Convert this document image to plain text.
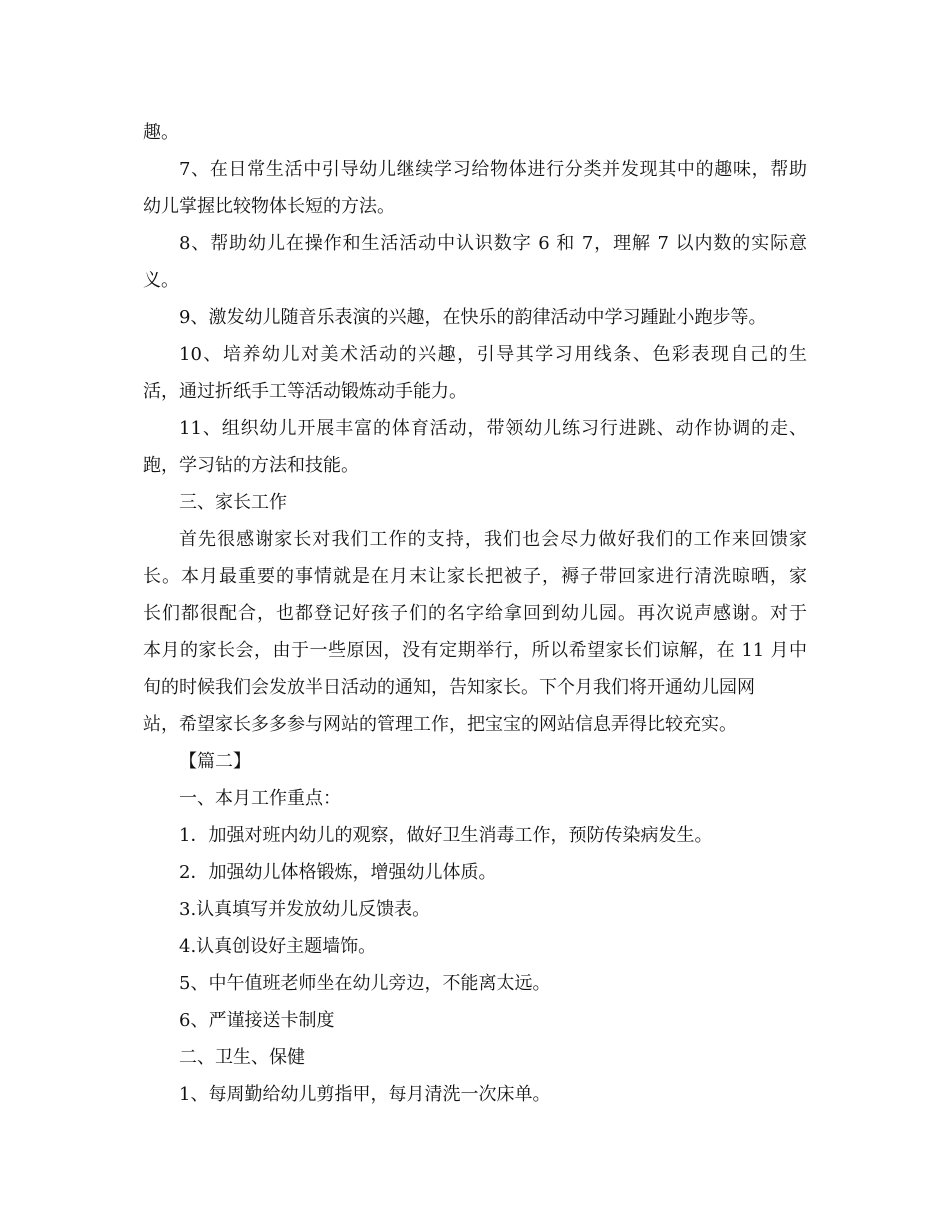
趣。
7、在日常生活中引导幼儿继续学习给物体进行分类并发现其中的趣味，帮助
幼儿掌握比较物体长短的方法。
8、帮助幼儿在操作和生活活动中认识数字 6 和 7，理解 7 以内数的实际意
义。
9、激发幼儿随音乐表演的兴趣，在快乐的韵律活动中学习踵趾小跑步等。
10、培养幼儿对美术活动的兴趣，引导其学习用线条、色彩表现自己的生
活，通过折纸手工等活动锻炼动手能力。
11、组织幼儿开展丰富的体育活动，带领幼儿练习行进跳、动作协调的走、
跑，学习钻的方法和技能。
三、家长工作
首先很感谢家长对我们工作的支持，我们也会尽力做好我们的工作来回馈家
长。本月最重要的事情就是在月末让家长把被子，褥子带回家进行清洗晾晒，家
长们都很配合，也都登记好孩子们的名字给拿回到幼儿园。再次说声感谢。对于
本月的家长会，由于一些原因，没有定期举行，所以希望家长们谅解，在 11 月中
旬的时候我们会发放半日活动的通知，告知家长。下个月我们将开通幼儿园网
站，希望家长多多参与网站的管理工作，把宝宝的网站信息弄得比较充实。
【篇二】
一、本月工作重点：
1．加强对班内幼儿的观察，做好卫生消毒工作，预防传染病发生。
2．加强幼儿体格锻炼，增强幼儿体质。
3.认真填写并发放幼儿反馈表。
4.认真创设好主题墙饰。
5、中午值班老师坐在幼儿旁边，不能离太远。
6、严谨接送卡制度
二、卫生、保健
1、每周勤给幼儿剪指甲，每月清洗一次床单。
